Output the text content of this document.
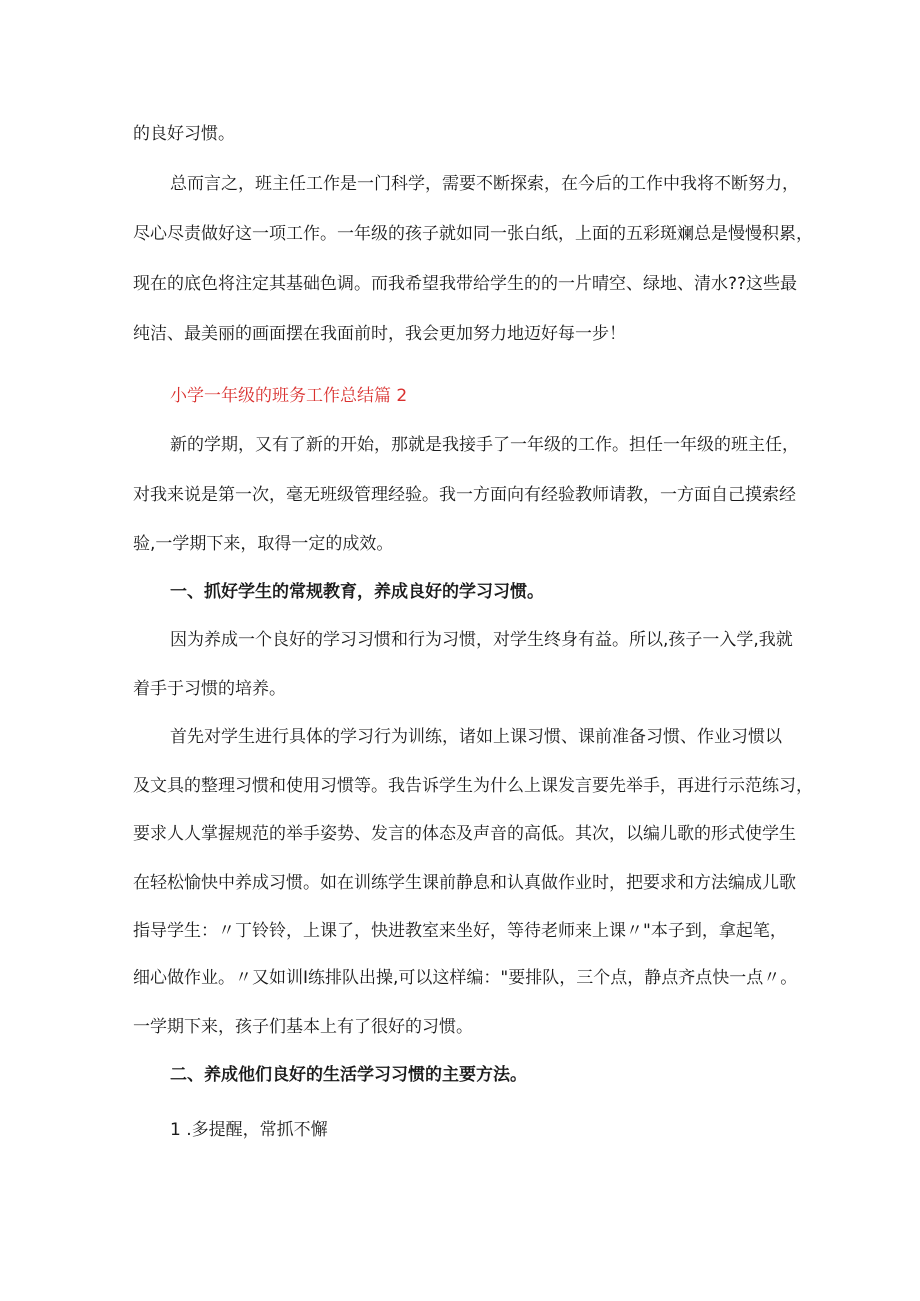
的良好习惯。
总而言之，班主任工作是一门科学，需要不断探索，在今后的工作中我将不断努力，
尽心尽责做好这一项工作。一年级的孩子就如同一张白纸，上面的五彩斑斓总是慢慢积累，
现在的底色将注定其基础色调。而我希望我带给学生的的一片晴空、绿地、清水??这些最
纯洁、最美丽的画面摆在我面前时，我会更加努力地迈好每一步！
小学一年级的班务工作总结篇 2
新的学期，又有了新的开始，那就是我接手了一年级的工作。担任一年级的班主任，
对我来说是第一次，毫无班级管理经验。我一方面向有经验教师请教，一方面自己摸索经
验,一学期下来，取得一定的成效。
一、抓好学生的常规教育，养成良好的学习习惯。
因为养成一个良好的学习习惯和行为习惯，对学生终身有益。所以,孩子一入学,我就
着手于习惯的培养。
首先对学生进行具体的学习行为训练，诸如上课习惯、课前准备习惯、作业习惯以
及文具的整理习惯和使用习惯等。我告诉学生为什么上课发言要先举手，再进行示范练习，
要求人人掌握规范的举手姿势、发言的体态及声音的高低。其次，以编儿歌的形式使学生
在轻松愉快中养成习惯。如在训练学生课前静息和认真做作业时，把要求和方法编成儿歌
指导学生：〃丁铃铃，上课了，快进教室来坐好，等待老师来上课〃"本子到，拿起笔，
细心做作业。〃又如训Ⅰ练排队出操,可以这样编："要排队，三个点，静点齐点快一点〃。
一学期下来，孩子们基本上有了很好的习惯。
二、养成他们良好的生活学习习惯的主要方法。
1 .多提醒，常抓不懈
